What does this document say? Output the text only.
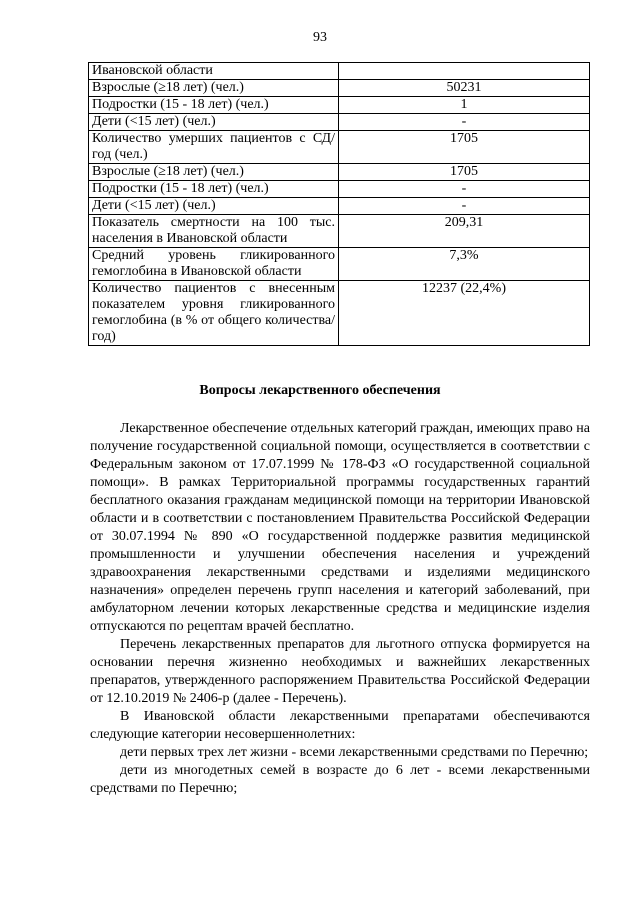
93
Ивановской области	
Взрослые (≥18 лет) (чел.)	50231
Подростки (15 - 18 лет) (чел.)	1
Дети (<15 лет) (чел.)	-
Количество умерших пациентов с СД/ год (чел.)	1705
Взрослые (≥18 лет) (чел.)	1705
Подростки (15 - 18 лет) (чел.)	-
Дети (<15 лет) (чел.)	-
Показатель смертности на 100 тыс. населения в Ивановской области	209,31
Средний уровень гликированного гемоглобина в Ивановской области	7,3%
Количество пациентов с внесенным показателем уровня гликированного гемоглобина (в % от общего количества/год)	12237 (22,4%)
Вопросы лекарственного обеспечения

Лекарственное обеспечение отдельных категорий граждан, имеющих право на получение государственной социальной помощи, осуществляется в соответствии с Федеральным законом от 17.07.1999 № 178-ФЗ «О государственной социальной помощи». В рамках Территориальной программы государственных гарантий бесплатного оказания гражданам медицинской помощи на территории Ивановской области и в соответствии с постановлением Правительства Российской Федерации от 30.07.1994 № 890 «О государственной поддержке развития медицинской промышленности и улучшении обеспечения населения и учреждений здравоохранения лекарственными средствами и изделиями медицинского назначения» определен перечень групп населения и категорий заболеваний, при амбулаторном лечении которых лекарственные средства и медицинские изделия отпускаются по рецептам врачей бесплатно.

Перечень лекарственных препаратов для льготного отпуска формируется на основании перечня жизненно необходимых и важнейших лекарственных препаратов, утвержденного распоряжением Правительства Российской Федерации от 12.10.2019 № 2406-р (далее - Перечень).

В Ивановской области лекарственными препаратами обеспечиваются следующие категории несовершеннолетних:

дети первых трех лет жизни - всеми лекарственными средствами по Перечню;

дети из многодетных семей в возрасте до 6 лет - всеми лекарственными средствами по Перечню;
